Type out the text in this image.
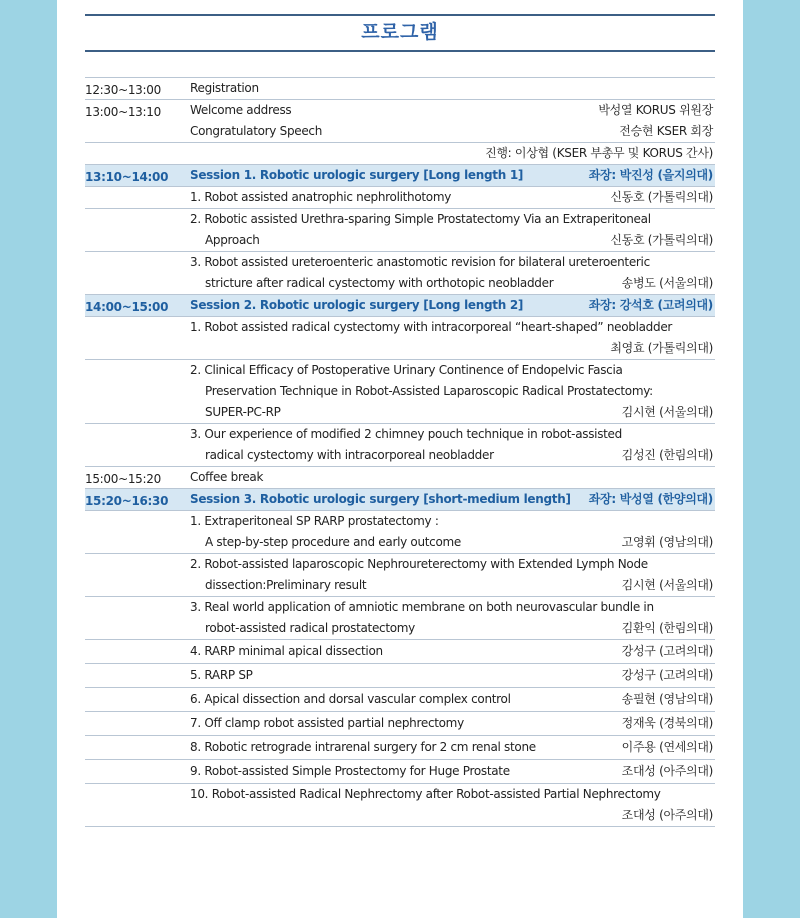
프로그램
12:30~13:00	Registration
13:00~13:10	Welcome address	박성열 KORUS 위원장
Congratulatory Speech	전승현 KSER 회장
진행: 이상협 (KSER 부총무 및 KORUS 간사)
13:10~14:00	Session 1. Robotic urologic surgery [Long length 1]	좌장: 박진성 (을지의대)
1. Robot assisted anatrophic nephrolithotomy	신동호 (가톨릭의대)
2. Robotic assisted Urethra-sparing Simple Prostatectomy Via an Extraperitoneal
Approach	신동호 (가톨릭의대)
3. Robot assisted ureteroenteric anastomotic revision for bilateral ureteroenteric
stricture after radical cystectomy with orthotopic neobladder	송병도 (서울의대)
14:00~15:00	Session 2. Robotic urologic surgery [Long length 2]	좌장: 강석호 (고려의대)
1. Robot assisted radical cystectomy with intracorporeal “heart-shaped” neobladder
최영효 (가톨릭의대)
2. Clinical Efficacy of Postoperative Urinary Continence of Endopelvic Fascia
Preservation Technique in Robot-Assisted Laparoscopic Radical Prostatectomy:
SUPER-PC-RP	김시현 (서울의대)
3. Our experience of modified 2 chimney pouch technique in robot-assisted
radical cystectomy with intracorporeal neobladder	김성진 (한림의대)
15:00~15:20	Coffee break
15:20~16:30	Session 3. Robotic urologic surgery [short-medium length] 좌장: 박성열 (한양의대)
1. Extraperitoneal SP RARP prostatectomy :
A step-by-step procedure and early outcome	고영휘 (영남의대)
2. Robot-assisted laparoscopic Nephroureterectomy with Extended Lymph Node
dissection:Preliminary result	김시현 (서울의대)
3. Real world application of amniotic membrane on both neurovascular bundle in
robot-assisted radical prostatectomy	김환익 (한림의대)
4. RARP minimal apical dissection	강성구 (고려의대)
5. RARP SP	강성구 (고려의대)
6. Apical dissection and dorsal vascular complex control	송필현 (영남의대)
7. Off clamp robot assisted partial nephrectomy	정재욱 (경북의대)
8. Robotic retrograde intrarenal surgery for 2 cm renal stone	이주용 (연세의대)
9. Robot-assisted Simple Prostectomy for Huge Prostate	조대성 (아주의대)
10. Robot-assisted Radical Nephrectomy after Robot-assisted Partial Nephrectomy
조대성 (아주의대)
